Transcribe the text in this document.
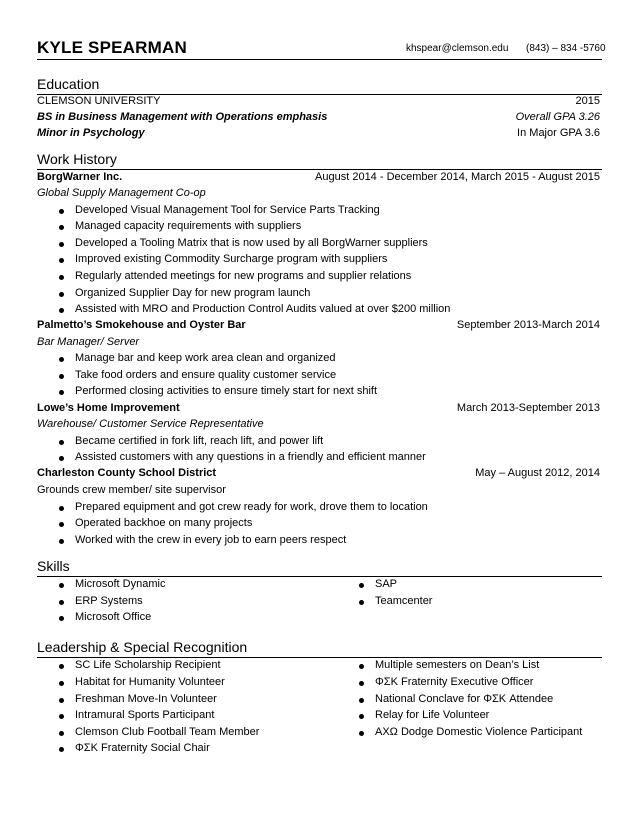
KYLE SPEARMAN	khspear@clemson.edu (843) – 834 -5760
Education
CLEMSON UNIVERSITY	2015
BS in Business Management with Operations emphasis	Overall GPA 3.26
Minor in Psychology	In Major GPA 3.6
Work History
BorgWarner Inc.	August 2014 - December 2014, March 2015 - August 2015
Global Supply Management Co-op
Developed Visual Management Tool for Service Parts Tracking
Managed capacity requirements with suppliers
Developed a Tooling Matrix that is now used by all BorgWarner suppliers
Improved existing Commodity Surcharge program with suppliers
Regularly attended meetings for new programs and supplier relations
Organized Supplier Day for new program launch
Assisted with MRO and Production Control Audits valued at over $200 million
Palmetto’s Smokehouse and Oyster Bar	September 2013-March 2014
Bar Manager/ Server
Manage bar and keep work area clean and organized
Take food orders and ensure quality customer service
Performed closing activities to ensure timely start for next shift
Lowe’s Home Improvement	March 2013-September 2013
Warehouse/ Customer Service Representative
Became certified in fork lift, reach lift, and power lift
Assisted customers with any questions in a friendly and efficient manner
Charleston County School District	May – August 2012, 2014
Grounds crew member/ site supervisor
Prepared equipment and got crew ready for work, drove them to location
Operated backhoe on many projects
Worked with the crew in every job to earn peers respect
Skills
Microsoft Dynamic
ERP Systems
Microsoft Office
SAP
Teamcenter
Leadership & Special Recognition
SC Life Scholarship Recipient
Habitat for Humanity Volunteer
Freshman Move-In Volunteer
Intramural Sports Participant
Clemson Club Football Team Member
ΦΣΚ Fraternity Social Chair
Multiple semesters on Dean’s List
ΦΣΚ Fraternity Executive Officer
National Conclave for ΦΣΚ Attendee
Relay for Life Volunteer
ΑΧΩ Dodge Domestic Violence Participant
